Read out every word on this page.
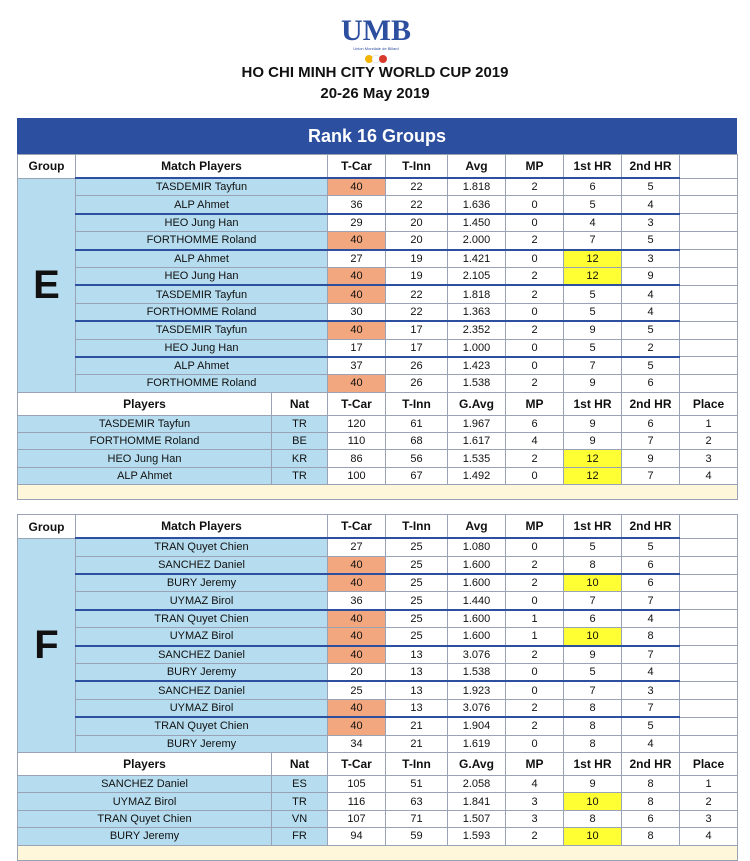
UMB
Union Mondiale de Billard
HO CHI MINH CITY WORLD CUP 2019
20-26 May 2019
Rank 16 Groups
Group	Match Players		T-Car	T-Inn	Avg	MP	1st HR	2nd HR	
E	TASDEMIR Tayfun		40	22	1.818	2	6	5	
	ALP Ahmet		36	22	1.636	0	5	4	
	HEO Jung Han		29	20	1.450	0	4	3	
	FORTHOMME Roland		40	20	2.000	2	7	5	
	ALP Ahmet		27	19	1.421	0	12	3	
	HEO Jung Han		40	19	2.105	2	12	9	
	TASDEMIR Tayfun		40	22	1.818	2	5	4	
	FORTHOMME Roland		30	22	1.363	0	5	4	
	TASDEMIR Tayfun		40	17	2.352	2	9	5	
	HEO Jung Han		17	17	1.000	0	5	2	
	ALP Ahmet		37	26	1.423	0	7	5	
	FORTHOMME Roland		40	26	1.538	2	9	6	
Players		Nat	T-Car	T-Inn	G.Avg	MP	1st HR	2nd HR	Place
TASDEMIR Tayfun		TR	120	61	1.967	6	9	6	1
FORTHOMME Roland		BE	110	68	1.617	4	9	7	2
HEO Jung Han		KR	86	56	1.535	2	12	9	3
ALP Ahmet		TR	100	67	1.492	0	12	7	4

Group	Match Players		T-Car	T-Inn	Avg	MP	1st HR	2nd HR	
F	TRAN Quyet Chien		27	25	1.080	0	5	5	
	SANCHEZ Daniel		40	25	1.600	2	8	6	
	BURY Jeremy		40	25	1.600	2	10	6	
	UYMAZ Birol		36	25	1.440	0	7	7	
	TRAN Quyet Chien		40	25	1.600	1	6	4	
	UYMAZ Birol		40	25	1.600	1	10	8	
	SANCHEZ Daniel		40	13	3.076	2	9	7	
	BURY Jeremy		20	13	1.538	0	5	4	
	SANCHEZ Daniel		25	13	1.923	0	7	3	
	UYMAZ Birol		40	13	3.076	2	8	7	
	TRAN Quyet Chien		40	21	1.904	2	8	5	
	BURY Jeremy		34	21	1.619	0	8	4	
Players		Nat	T-Car	T-Inn	G.Avg	MP	1st HR	2nd HR	Place
SANCHEZ Daniel		ES	105	51	2.058	4	9	8	1
UYMAZ Birol		TR	116	63	1.841	3	10	8	2
TRAN Quyet Chien		VN	107	71	1.507	3	8	6	3
BURY Jeremy		FR	94	59	1.593	2	10	8	4
